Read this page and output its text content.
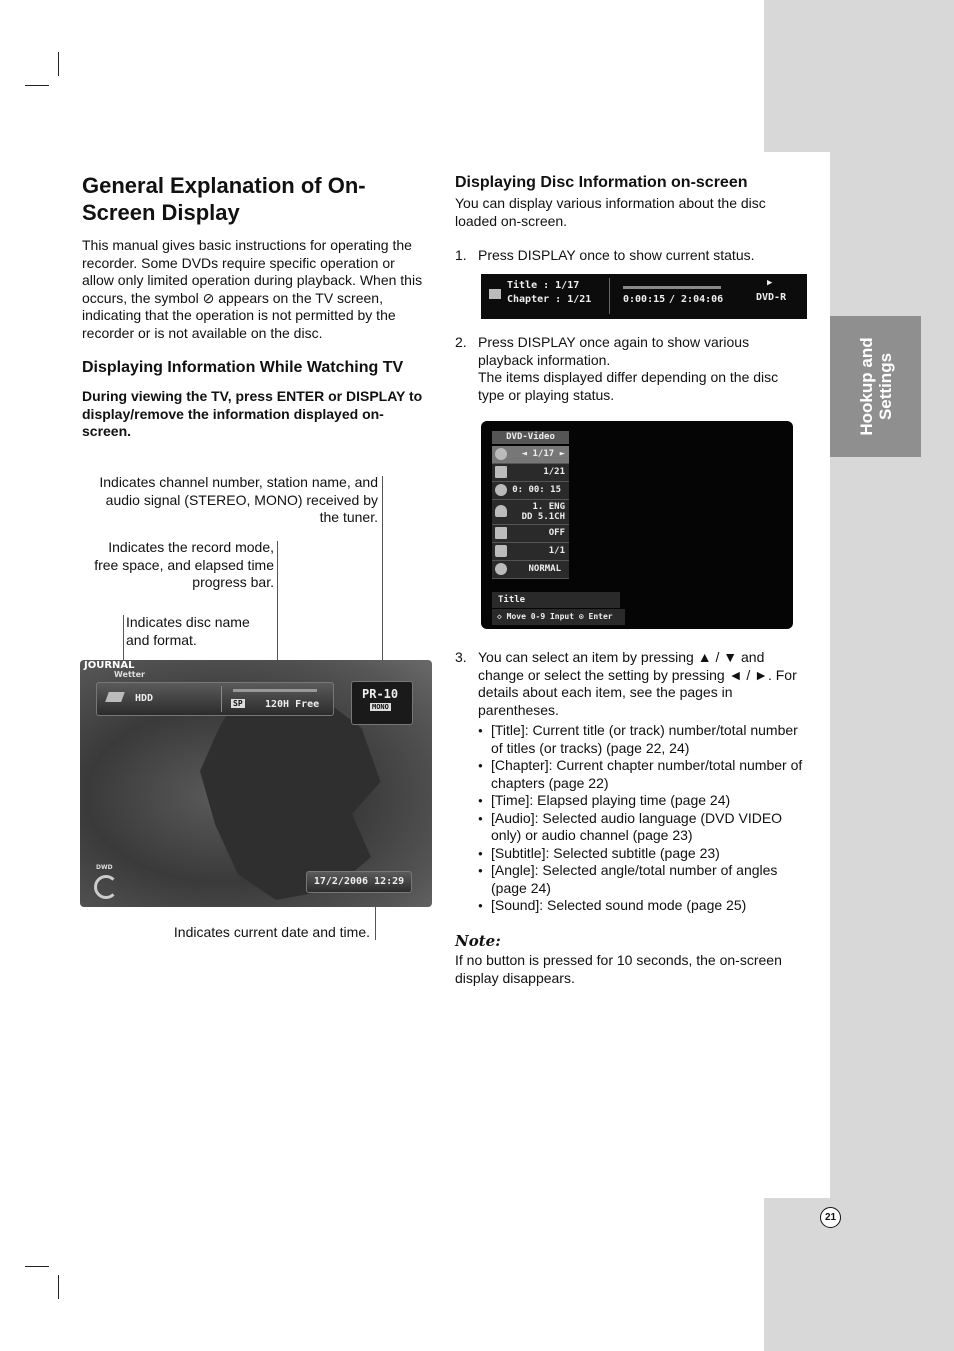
Hookup and Settings
21
General Explanation of On-Screen Display
This manual gives basic instructions for operating the recorder. Some DVDs require specific operation or allow only limited operation during playback. When this occurs, the symbol ⊘ appears on the TV screen, indicating that the operation is not permitted by the recorder or is not available on the disc.
Displaying Information While Watching TV
During viewing the TV, press ENTER or DISPLAY to display/remove the information displayed on-screen.
Indicates channel number, station name, and audio signal (STEREO, MONO) received by the tuner.
Indicates the record mode, free space, and elapsed time progress bar.
Indicates disc name and format.
JOURNAL
Wetter
HDD	SP 120H Free
PR-10
MONO
DWD
17/2/2006 12:29
Indicates current date and time.
Displaying Disc Information on-screen
You can display various information about the disc loaded on-screen.
1. Press DISPLAY once to show current status.
Title : 1/17
Chapter : 1/21	0:00:15 / 2:04:06
▶
DVD-R
2. Press DISPLAY once again to show various playback information.
The items displayed differ depending on the disc type or playing status.
DVD-Video
◄ 1/17 ►
1/21
0: 00: 15
1. ENG
DD 5.1CH
OFF
1/1
NORMAL
Title
◇ Move 0-9 Input ⊙ Enter
3. You can select an item by pressing ▲ / ▼ and change or select the setting by pressing ◄ / ►. For details about each item, see the pages in parentheses.
● [Title]: Current title (or track) number/total number of titles (or tracks) (page 22, 24)
● [Chapter]: Current chapter number/total number of chapters (page 22)
● [Time]: Elapsed playing time (page 24)
● [Audio]: Selected audio language (DVD VIDEO only) or audio channel (page 23)
● [Subtitle]: Selected subtitle (page 23)
● [Angle]: Selected angle/total number of angles (page 24)
● [Sound]: Selected sound mode (page 25)
Note:
If no button is pressed for 10 seconds, the on-screen display disappears.
